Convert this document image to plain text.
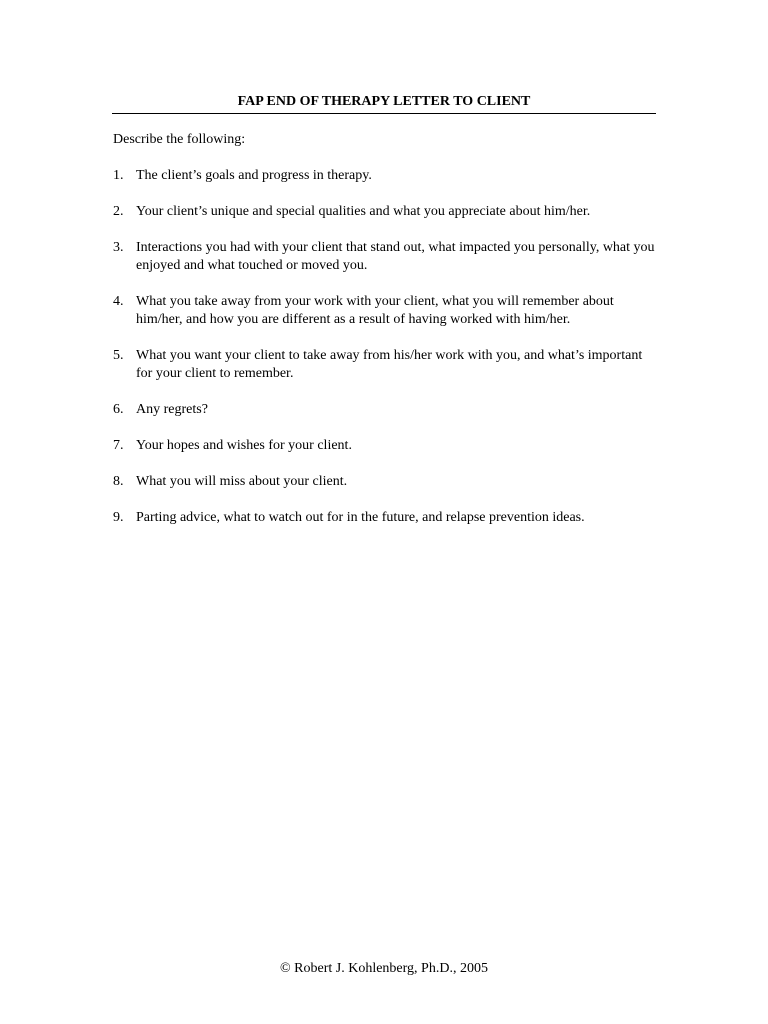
FAP END OF THERAPY LETTER TO CLIENT
Describe the following:
1. The client’s goals and progress in therapy.
2. Your client’s unique and special qualities and what you appreciate about him/her.
3. Interactions you had with your client that stand out, what impacted you personally, what you enjoyed and what touched or moved you.
4. What you take away from your work with your client, what you will remember about him/her, and how you are different as a result of having worked with him/her.
5. What you want your client to take away from his/her work with you, and what’s important for your client to remember.
6. Any regrets?
7. Your hopes and wishes for your client.
8. What you will miss about your client.
9. Parting advice, what to watch out for in the future, and relapse prevention ideas.
© Robert J. Kohlenberg, Ph.D., 2005
